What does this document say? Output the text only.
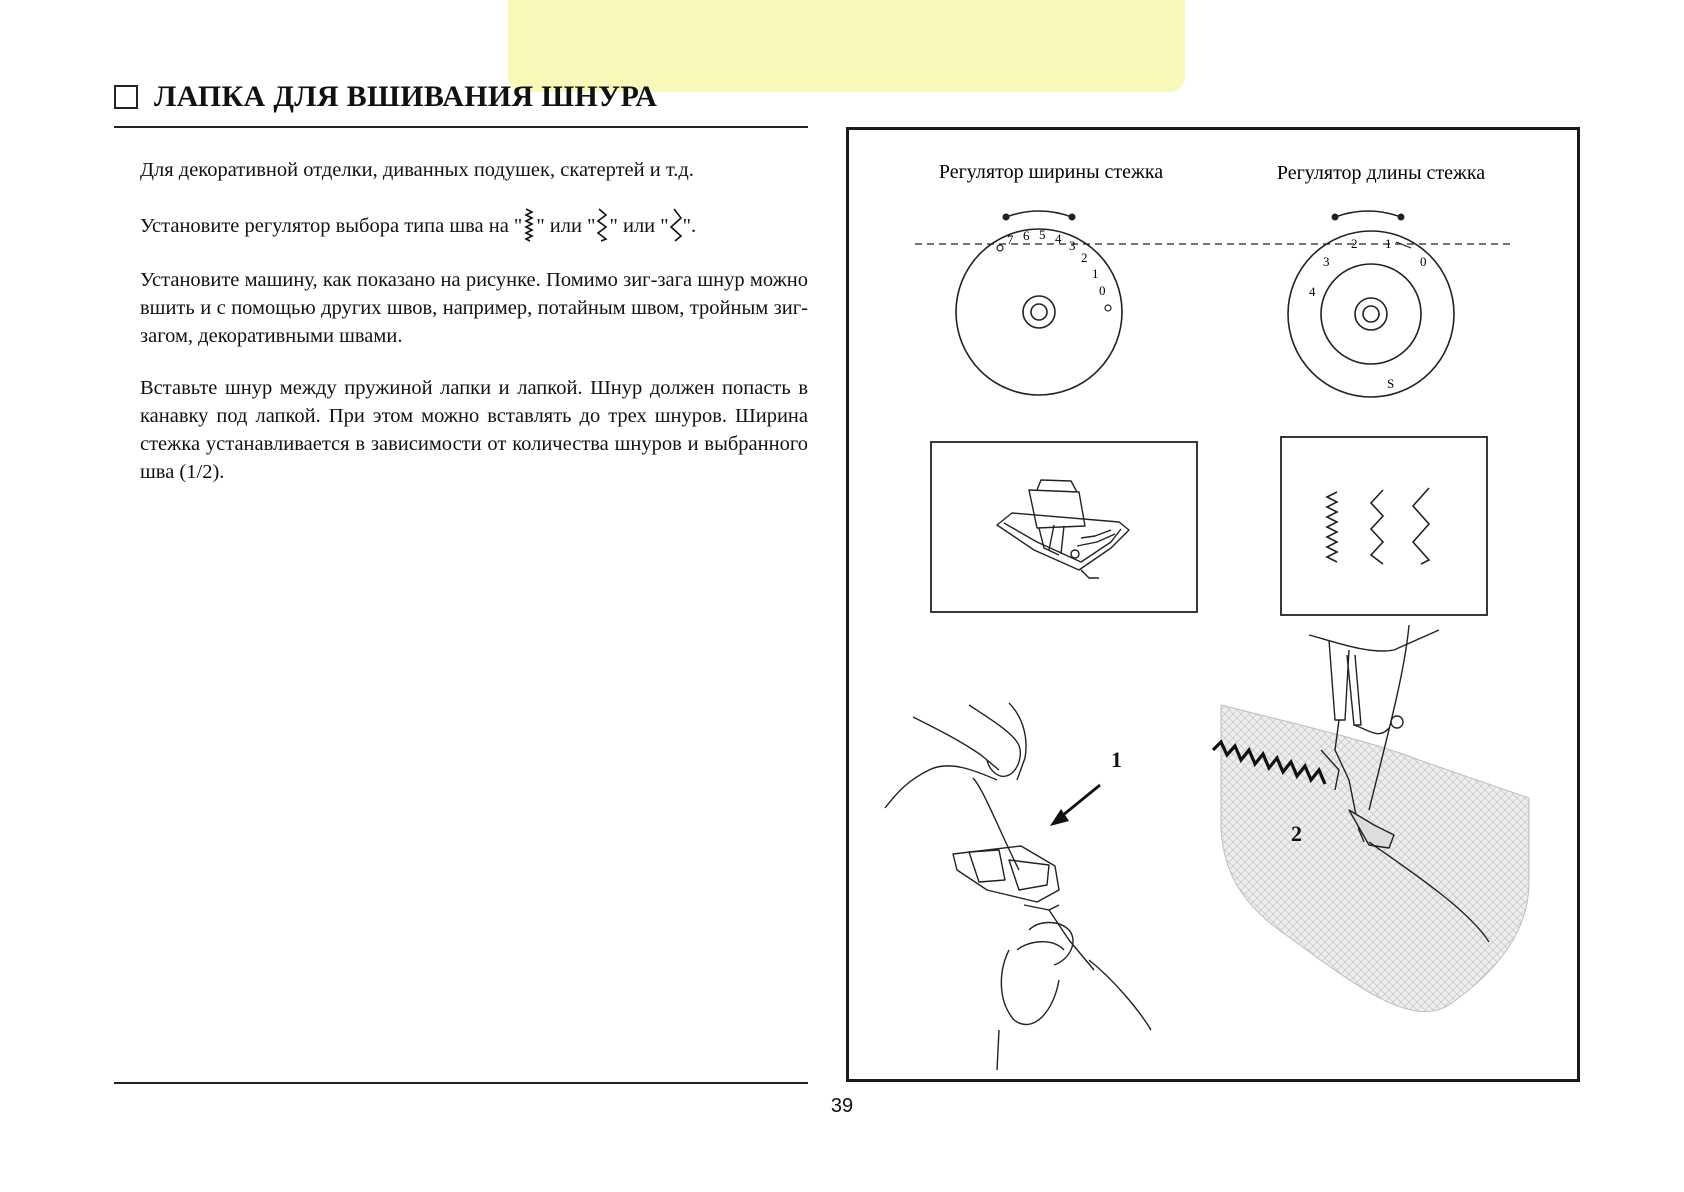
ЛАПКА ДЛЯ ВШИВАНИЯ ШНУРА

Для декоративной отделки, диванных подушек, скатертей и т.д.

Установите регулятор выбора типа шва на " " или " " или " ".

Установите машину, как показано на рисунке. Помимо зиг-зага шнур можно вшить и с помощью других швов, например, потайным швом, тройным зиг-загом, декоративными швами.

Вставьте шнур между пружиной лапки и лапкой. Шнур должен попасть в канавку под лапкой. При этом можно вставлять до трех шнуров. Ширина стежка устанавливается в зависимости от количества шнуров и выбранного шва (1/2).

Регулятор ширины стежка	Регулятор длины стежка
7 6 5 4 3
2
1
0	4
3
2 1
0
S
1
2
39
